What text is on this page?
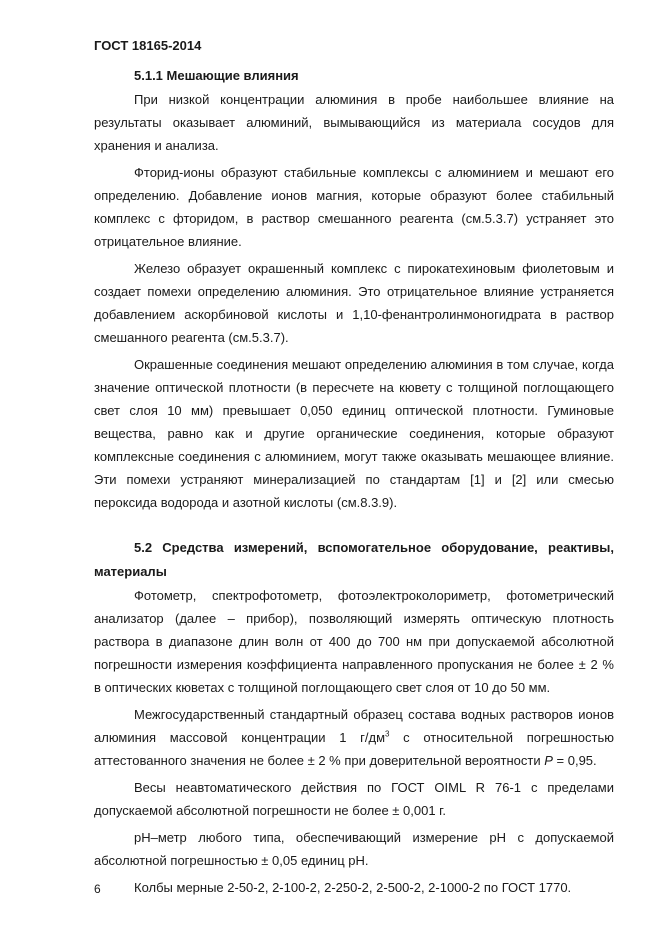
ГОСТ 18165-2014

5.1.1 Мешающие влияния

При низкой концентрации алюминия в пробе наибольшее влияние на результаты оказывает алюминий, вымывающийся из материала сосудов для хранения и анализа.

Фторид-ионы образуют стабильные комплексы с алюминием и мешают его определению. Добавление ионов магния, которые образуют более стабильный комплекс с фторидом, в раствор смешанного реагента (см.5.3.7) устраняет это отрицательное влияние.

Железо образует окрашенный комплекс с пирокатехиновым фиолетовым и создает помехи определению алюминия. Это отрицательное влияние устраняется добавлением аскорбиновой кислоты и 1,10-фенантролинмоногидрата в раствор смешанного реагента (см.5.3.7).

Окрашенные соединения мешают определению алюминия в том случае, когда значение оптической плотности (в пересчете на кювету с толщиной поглощающего свет слоя 10 мм) превышает 0,050 единиц оптической плотности. Гуминовые вещества, равно как и другие органические соединения, которые образуют комплексные соединения с алюминием, могут также оказывать мешающее влияние. Эти помехи устраняют минерализацией по стандартам [1] и [2] или смесью пероксида водорода и азотной кислоты (см.8.3.9).

5.2 Средства измерений, вспомогательное оборудование, реактивы, материалы

Фотометр, спектрофотометр, фотоэлектроколориметр, фотометрический анализатор (далее – прибор), позволяющий измерять оптическую плотность раствора в диапазоне длин волн от 400 до 700 нм при допускаемой абсолютной погрешности измерения коэффициента направленного пропускания не более ± 2 % в оптических кюветах с толщиной поглощающего свет слоя от 10 до 50 мм.

Межгосударственный стандартный образец состава водных растворов ионов алюминия массовой концентрации 1 $г/дм^3$ с относительной погрешностью аттестованного значения не более ± 2 % при доверительной вероятности P = 0,95.

Весы неавтоматического действия по ГОСТ OIML R 76-1 с пределами допускаемой абсолютной погрешности не более ± 0,001 г.

pH–метр любого типа, обеспечивающий измерение pH с допускаемой абсолютной погрешностью ± 0,05 единиц pH.

Колбы мерные 2-50-2, 2-100-2, 2-250-2, 2-500-2, 2-1000-2 по ГОСТ 1770.

6
